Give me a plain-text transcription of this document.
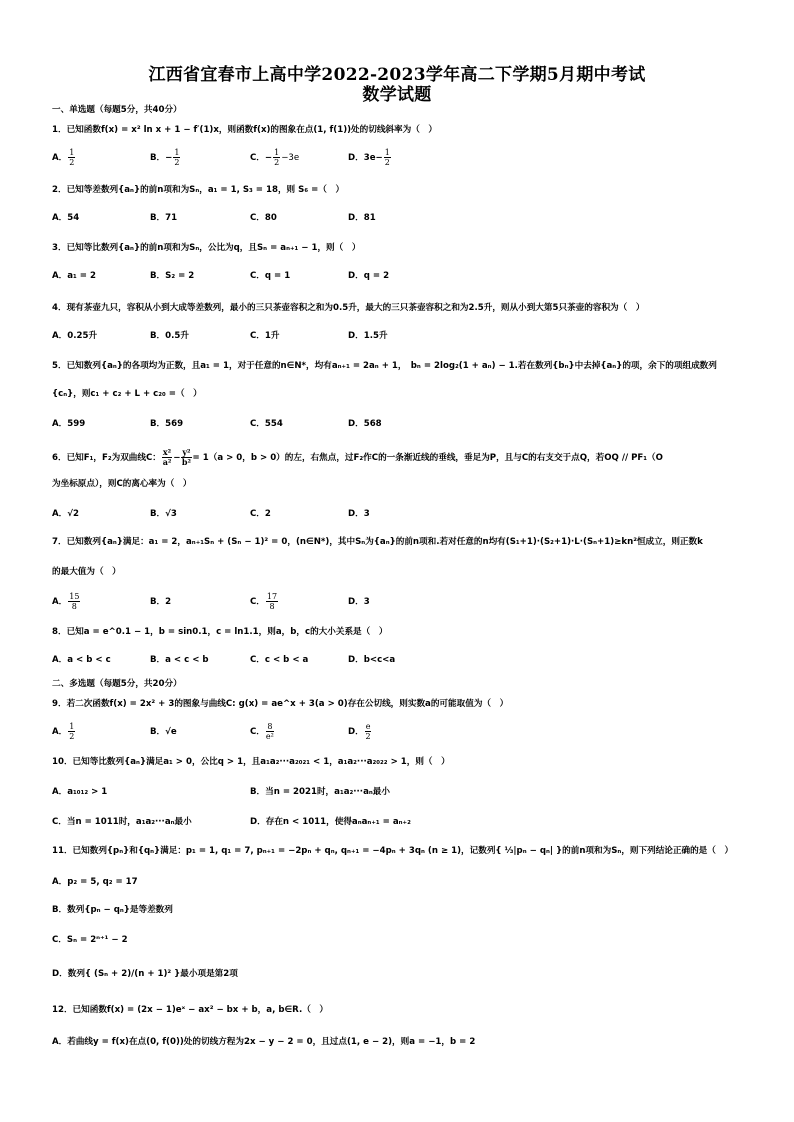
江西省宜春市上高中学2022-2023学年高二下学期5月期中考试
数学试题
一、单选题（每题5分，共40分）
1．已知函数f(x) = x² ln x + 1 − f′(1)x，则函数f(x)的图象在点(1, f(1))处的切线斜率为（　）
A． $\frac{1}{2}$	B．− $\frac{1}{2}$	C．− $\frac{1}{2} -3e$	D．$3e- \frac{1}{2}$
2．已知等差数列{aₙ}的前n项和为Sₙ，a₁ = 1, S₃ = 18，则 S₆ =（　）
A．54	B．71	C．80	D．81
3．已知等比数列{aₙ}的前n项和为Sₙ，公比为q，且Sₙ = aₙ₊₁ − 1，则（　）
A．a₁ = 2	B．S₂ = 2	C．q = 1	D．q = 2
4．现有茶壶九只，容积从小到大成等差数列，最小的三只茶壶容积之和为0.5升，最大的三只茶壶容积之和为2.5升，则从小到大第5只茶壶的容积为（　）
A．0.25升	B．0.5升	C．1升	D．1.5升
5．已知数列{aₙ}的各项均为正数，且a₁ = 1，对于任意的n∈N*，均有aₙ₊₁ = 2aₙ + 1，　bₙ = 2log₂(1 + aₙ) − 1.若在数列{bₙ}中去掉{aₙ}的项，余下的项组成数列
{cₙ}，则c₁ + c₂ + L + c₂₀ =（　）
A．599	B．569	C．554	D．568
6．已知F₁，F₂为双曲线C： $\frac{\text{x²}}{\text{a²}} - \frac{\text{y²}}{\text{b²}} = 1(a > 0$，b > 0）的左，右焦点，过F₂作C的一条渐近线的垂线，垂足为P，且与C的右支交于点Q，若OQ // PF₁（O
为坐标原点），则C的离心率为（　）
A．√2	B．√3	C．2	D．3
7．已知数列{aₙ}满足：a₁ = 2，aₙ₊₁Sₙ + (Sₙ − 1)² = 0，(n∈N*)，其中Sₙ为{aₙ}的前n项和.若对任意的n均有(S₁+1)·(S₂+1)·L·(Sₙ+1)≥kn²恒成立，则正数k
的最大值为（　）
A． $\frac{15}{8}$	B．2	C． $\frac{17}{8}$	D．3
8．已知a = e^0.1 − 1，b = sin0.1，c = ln1.1，则a，b，c的大小关系是（　）
A．a < b < c	B．a < c < b	C．c < b < a	D．b<c<a
二、多选题（每题5分，共20分）
9．若二次函数f(x) = 2x² + 3的图象与曲线C: g(x) = ae^x + 3(a > 0)存在公切线，则实数a的可能取值为（　）
A． $\frac{1}{2}$	B．√e	C． $\frac{8}{\text{e²}}$	D． $\frac{e}{2}$
10．已知等比数列{aₙ}满足a₁ > 0，公比q > 1，且a₁a₂···a₂₀₂₁ < 1，a₁a₂···a₂₀₂₂ > 1，则（　）
A．a₁₀₁₂ > 1	B．当n = 2021时，a₁a₂···aₙ最小
C．当n = 1011时，a₁a₂···aₙ最小	D．存在n < 1011，使得aₙaₙ₊₁ = aₙ₊₂
11．已知数列{pₙ}和{qₙ}满足：p₁ = 1, q₁ = 7, pₙ₊₁ = −2pₙ + qₙ, qₙ₊₁ = −4pₙ + 3qₙ (n ≥ 1)，记数列{ ⅓|pₙ − qₙ| }的前n项和为Sₙ，则下列结论正确的是（　）
A．p₂ = 5, q₂ = 17
B．数列{pₙ − qₙ}是等差数列
C．Sₙ = 2ⁿ⁺¹ − 2
D．数列{ (Sₙ + 2)/(n + 1)² }最小项是第2项
12．已知函数f(x) = (2x − 1)eˣ − ax² − bx + b，a, b∈R.（　）
A．若曲线y = f(x)在点(0, f(0))处的切线方程为2x − y − 2 = 0，且过点(1, e − 2)，则a = −1，b = 2
